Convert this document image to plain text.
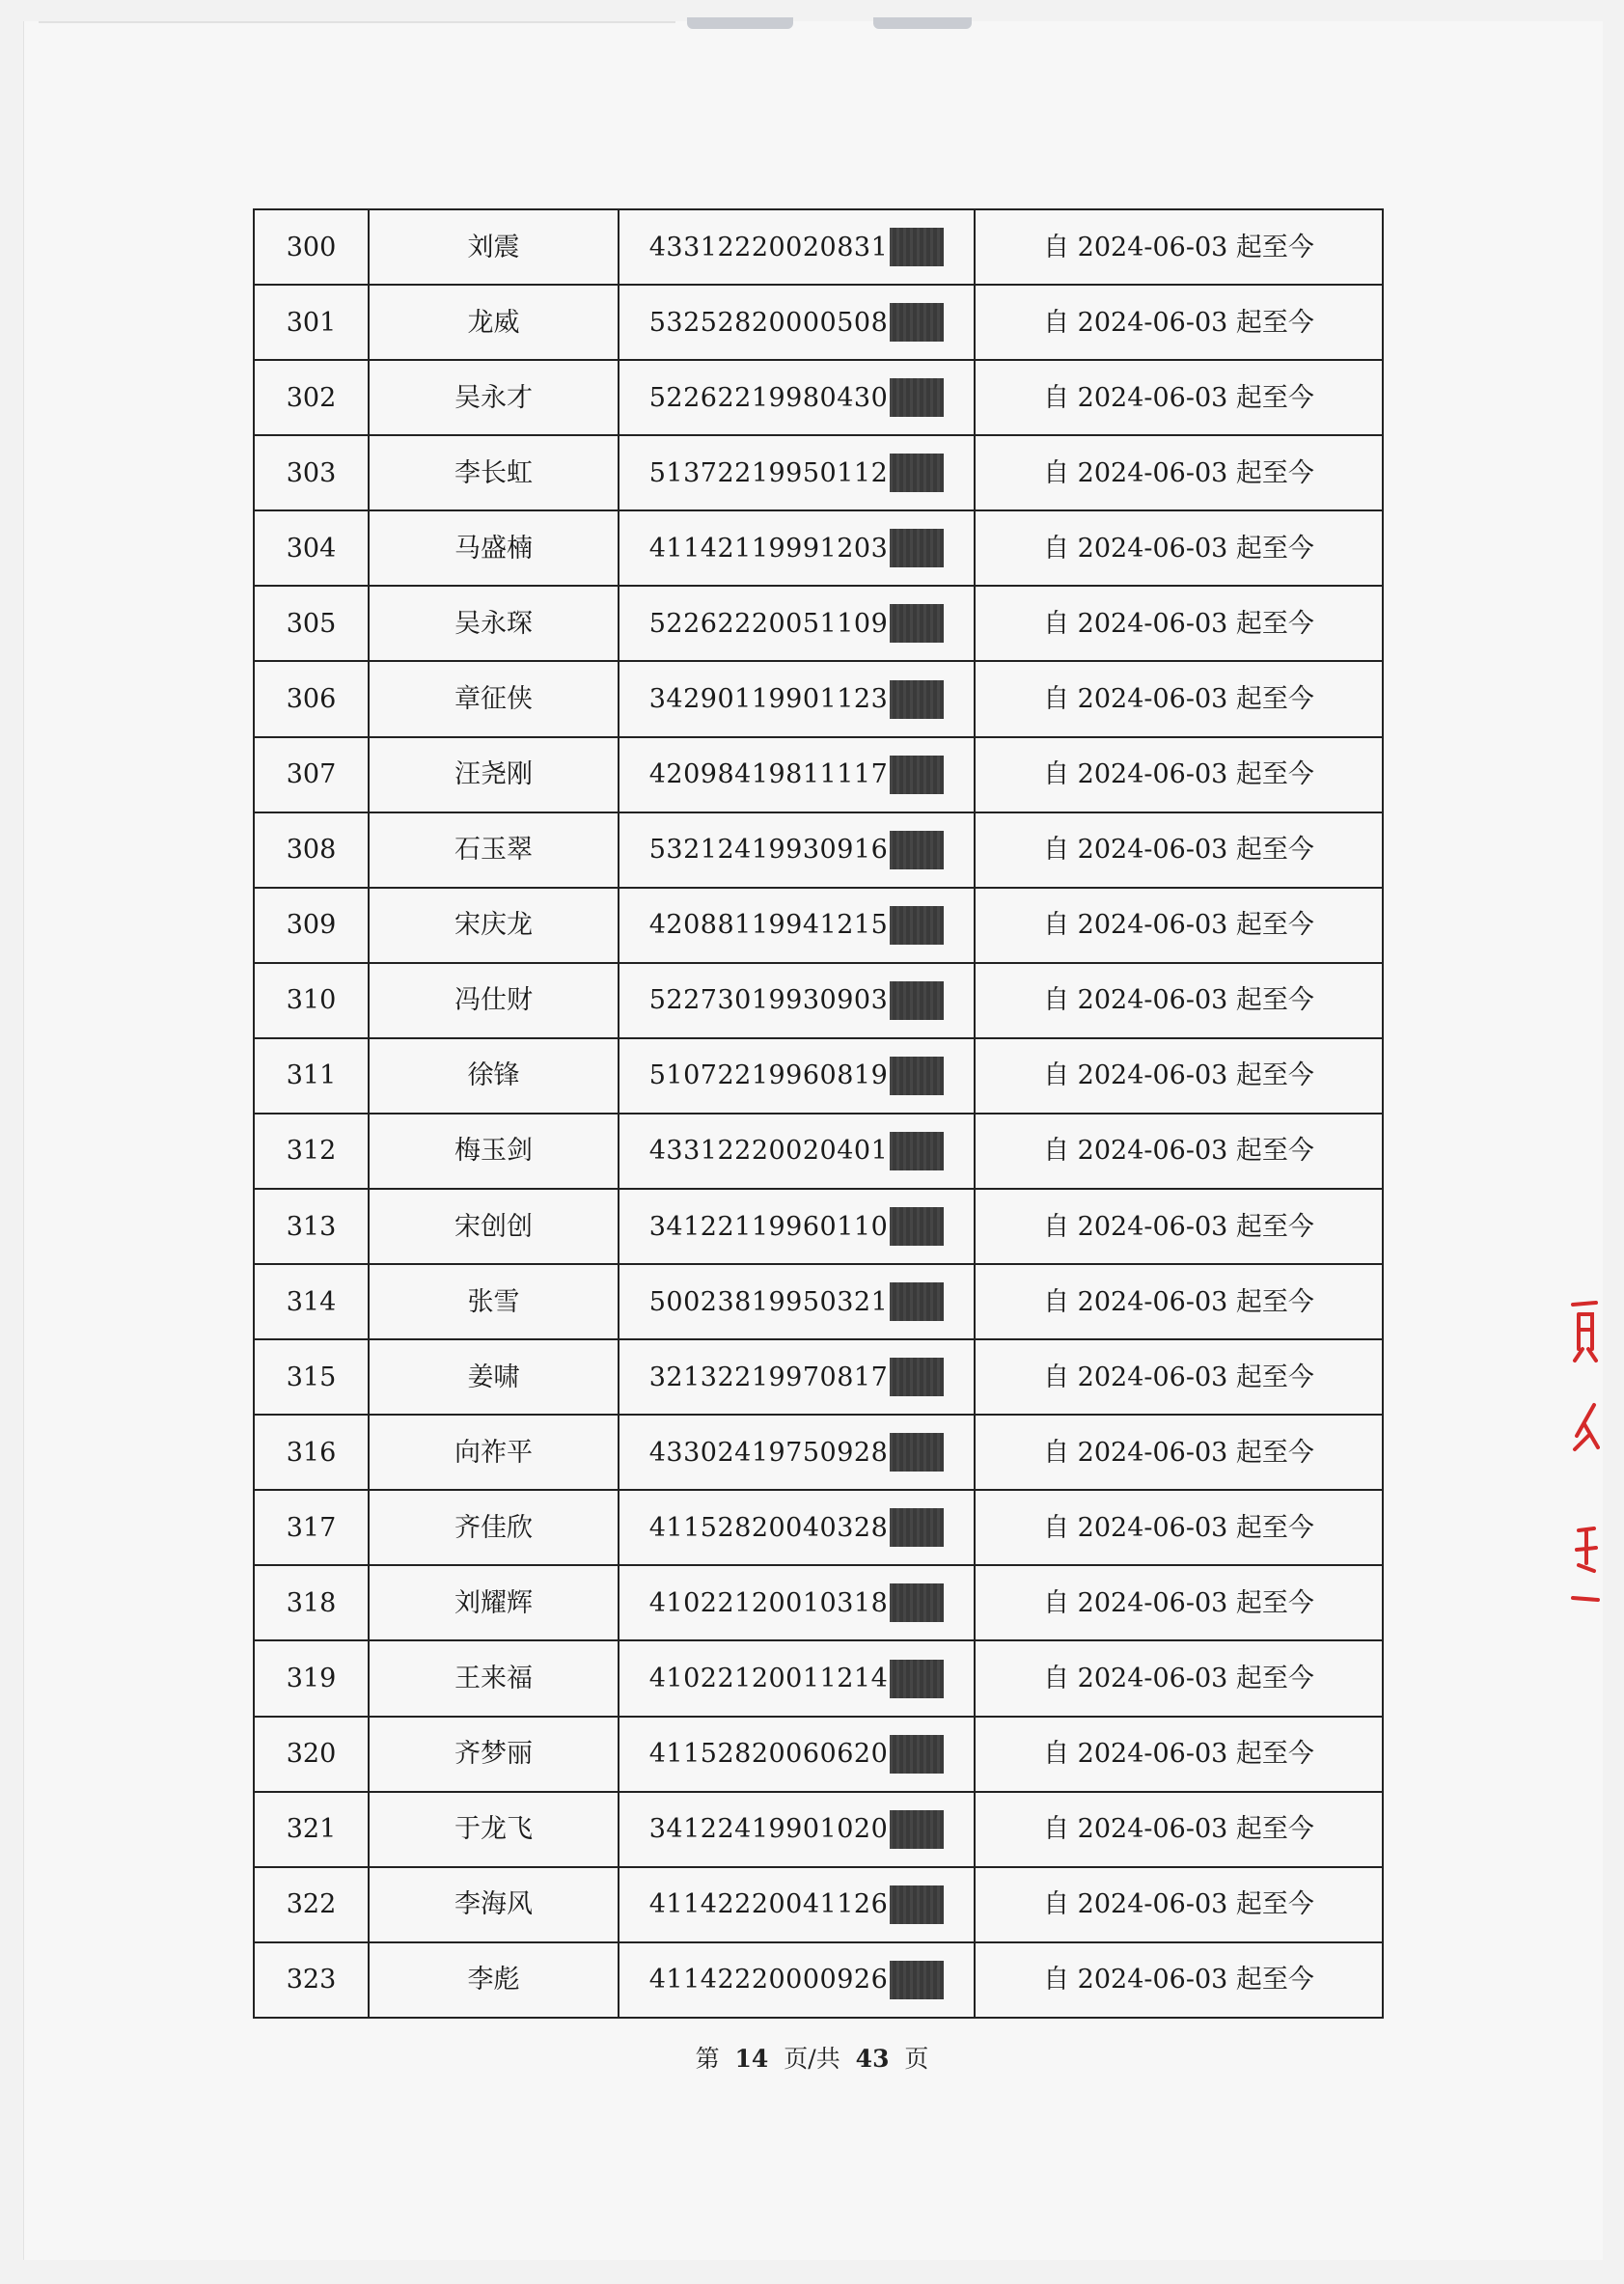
300	刘震	43312220020831	自 2024-06-03 起至今
301	龙威	53252820000508	自 2024-06-03 起至今
302	吴永才	52262219980430	自 2024-06-03 起至今
303	李长虹	51372219950112	自 2024-06-03 起至今
304	马盛楠	41142119991203	自 2024-06-03 起至今
305	吴永琛	52262220051109	自 2024-06-03 起至今
306	章征侠	34290119901123	自 2024-06-03 起至今
307	汪尧刚	42098419811117	自 2024-06-03 起至今
308	石玉翠	53212419930916	自 2024-06-03 起至今
309	宋庆龙	42088119941215	自 2024-06-03 起至今
310	冯仕财	52273019930903	自 2024-06-03 起至今
311	徐锋	51072219960819	自 2024-06-03 起至今
312	梅玉剑	43312220020401	自 2024-06-03 起至今
313	宋创创	34122119960110	自 2024-06-03 起至今
314	张雪	50023819950321	自 2024-06-03 起至今
315	姜啸	32132219970817	自 2024-06-03 起至今
316	向祚平	43302419750928	自 2024-06-03 起至今
317	齐佳欣	41152820040328	自 2024-06-03 起至今
318	刘耀辉	41022120010318	自 2024-06-03 起至今
319	王来福	41022120011214	自 2024-06-03 起至今
320	齐梦丽	41152820060620	自 2024-06-03 起至今
321	于龙飞	34122419901020	自 2024-06-03 起至今
322	李海风	41142220041126	自 2024-06-03 起至今
323	李彪	41142220000926	自 2024-06-03 起至今
第 14 页/共 43 页
